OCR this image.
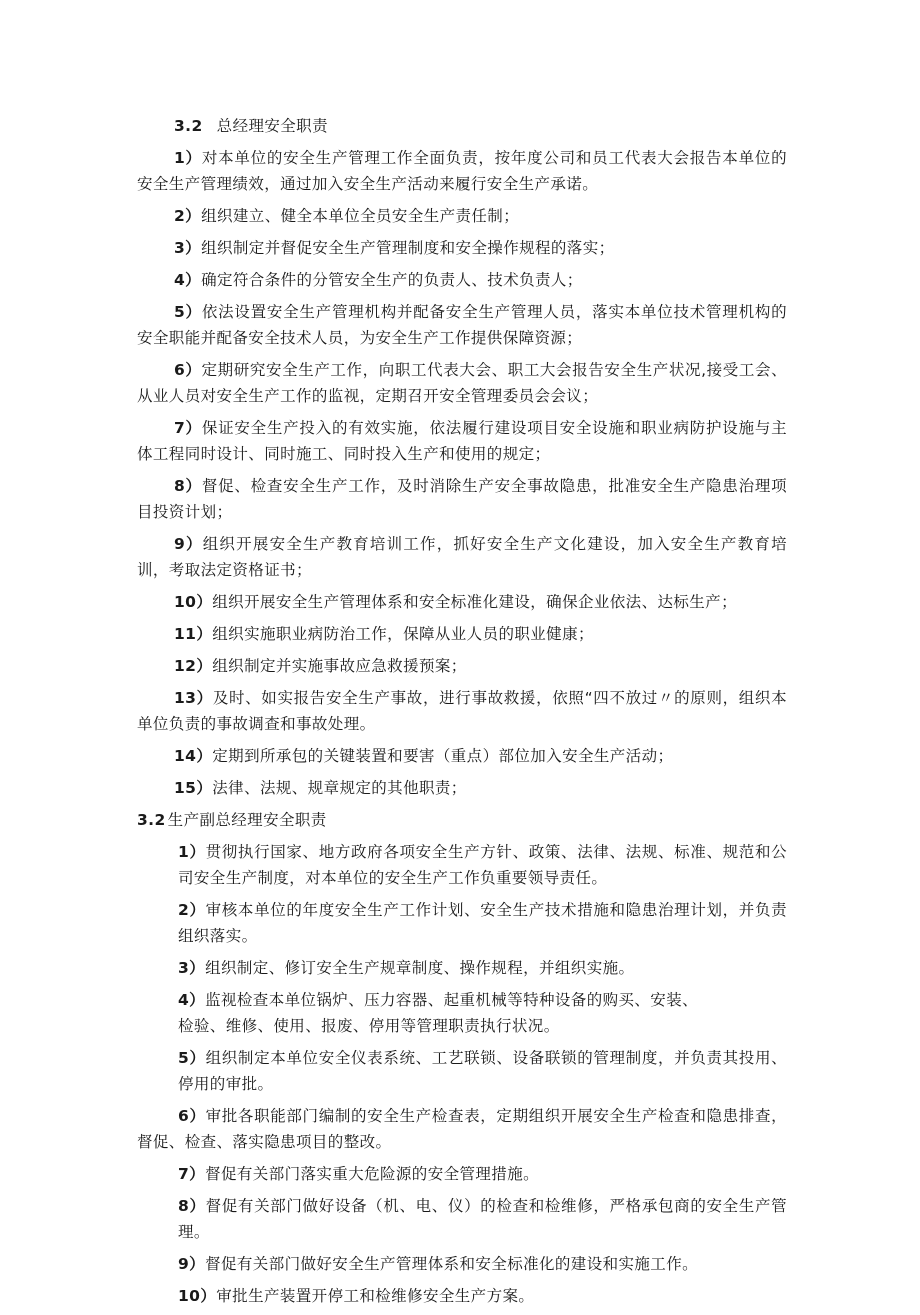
3.2 总经理安全职责
1）对本单位的安全生产管理工作全面负责，按年度公司和员工代表大会报告本单位的安全生产管理绩效，通过加入安全生产活动来履行安全生产承诺。
2）组织建立、健全本单位全员安全生产责任制；
3）组织制定并督促安全生产管理制度和安全操作规程的落实；
4）确定符合条件的分管安全生产的负责人、技术负责人；
5）依法设置安全生产管理机构并配备安全生产管理人员，落实本单位技术管理机构的安全职能并配备安全技术人员，为安全生产工作提供保障资源；
6）定期研究安全生产工作，向职工代表大会、职工大会报告安全生产状况,接受工会、从业人员对安全生产工作的监视，定期召开安全管理委员会会议；
7）保证安全生产投入的有效实施，依法履行建设项目安全设施和职业病防护设施与主体工程同时设计、同时施工、同时投入生产和使用的规定；
8）督促、检查安全生产工作，及时消除生产安全事故隐患，批准安全生产隐患治理项目投资计划；
9）组织开展安全生产教育培训工作，抓好安全生产文化建设，加入安全生产教育培训，考取法定资格证书；
10）组织开展安全生产管理体系和安全标准化建设，确保企业依法、达标生产；
11）组织实施职业病防治工作，保障从业人员的职业健康；
12）组织制定并实施事故应急救援预案；
13）及时、如实报告安全生产事故，进行事故救援，依照“四不放过〃的原则，组织本单位负责的事故调查和事故处理。
14）定期到所承包的关键装置和要害（重点）部位加入安全生产活动；
15）法律、法规、规章规定的其他职责；
3.2 生产副总经理安全职责
1）贯彻执行国家、地方政府各项安全生产方针、政策、法律、法规、标准、规范和公司安全生产制度，对本单位的安全生产工作负重要领导责任。
2）审核本单位的年度安全生产工作计划、安全生产技术措施和隐患治理计划，并负责组织落实。
3）组织制定、修订安全生产规章制度、操作规程，并组织实施。
4）监视检查本单位锅炉、压力容器、起重机械等特种设备的购买、安装、
检验、维修、使用、报废、停用等管理职责执行状况。
5）组织制定本单位安全仪表系统、工艺联锁、设备联锁的管理制度，并负责其投用、停用的审批。
6）审批各职能部门编制的安全生产检查表，定期组织开展安全生产检查和隐患排查，督促、检查、落实隐患项目的整改。
7）督促有关部门落实重大危险源的安全管理措施。
8）督促有关部门做好设备（机、电、仪）的检查和检维修，严格承包商的安全生产管理。
9）督促有关部门做好安全生产管理体系和安全标准化的建设和实施工作。
10）审批生产装置开停工和检维修安全生产方案。
